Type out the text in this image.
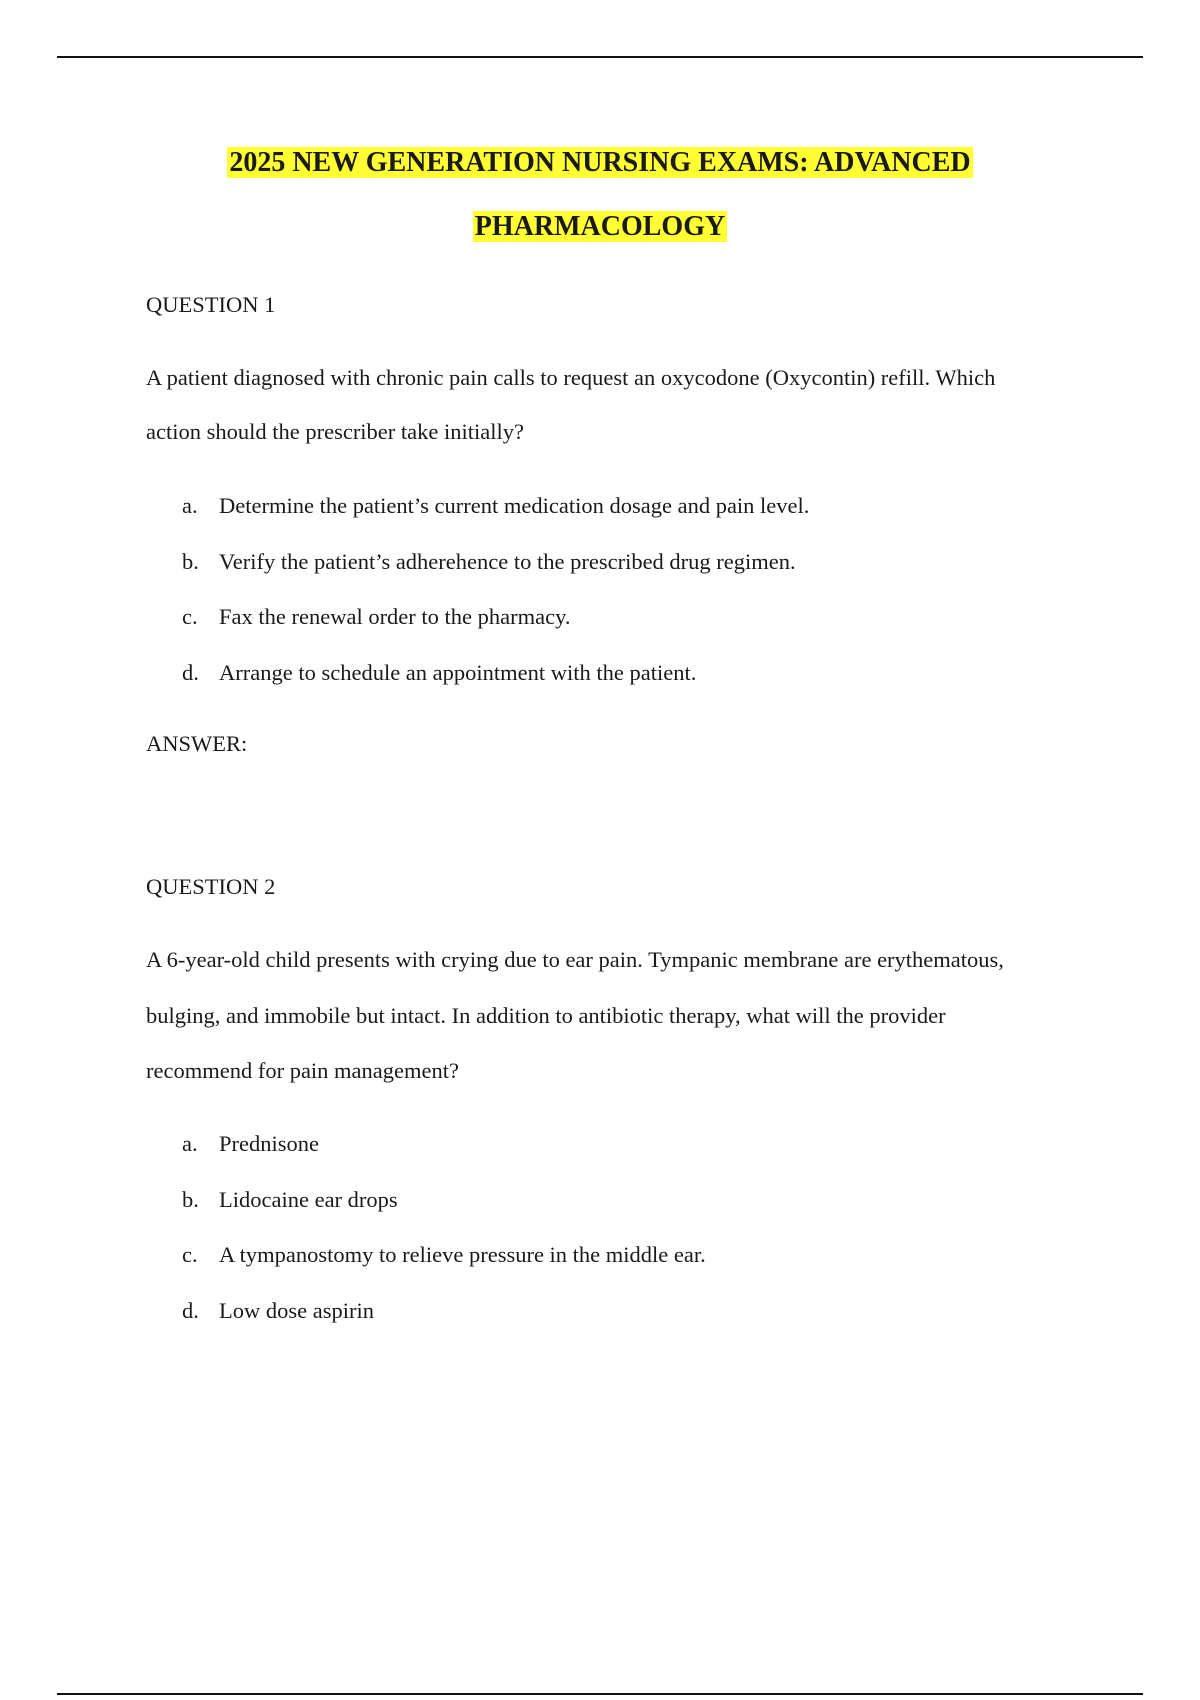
2025 NEW GENERATION NURSING EXAMS: ADVANCED
PHARMACOLOGY
QUESTION 1
A patient diagnosed with chronic pain calls to request an oxycodone (Oxycontin) refill. Which
action should the prescriber take initially?
a. Determine the patient’s current medication dosage and pain level.
b. Verify the patient’s adherehence to the prescribed drug regimen.
c. Fax the renewal order to the pharmacy.
d. Arrange to schedule an appointment with the patient.
ANSWER:
QUESTION 2
A 6-year-old child presents with crying due to ear pain. Tympanic membrane are erythematous,
bulging, and immobile but intact. In addition to antibiotic therapy, what will the provider
recommend for pain management?
a. Prednisone
b. Lidocaine ear drops
c. A tympanostomy to relieve pressure in the middle ear.
d. Low dose aspirin
